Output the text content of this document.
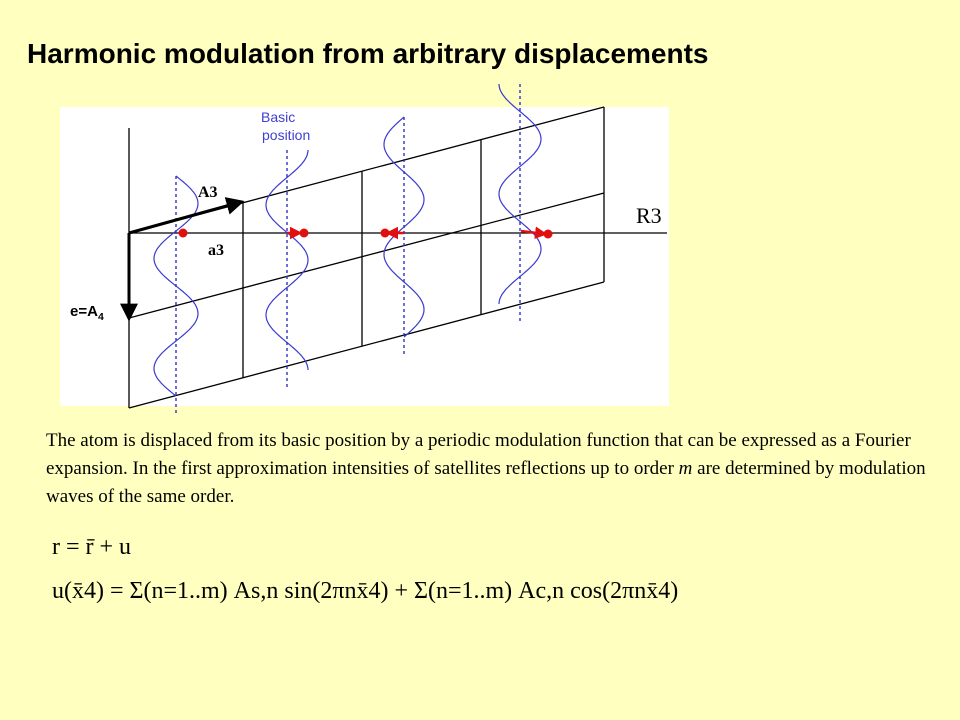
Harmonic modulation from arbitrary displacements
Basic
position
A3
a3
R3
$e=A_4$
The atom is displaced from its basic position by a periodic modulation function that can be expressed as a Fourier expansion. In the first approximation intensities of satellites reflections up to order m are determined by modulation waves of the same order.
r = r̄ + u
u(x̄4) = Σ(n=1..m) As,n sin(2πnx̄4) + Σ(n=1..m) Ac,n cos(2πnx̄4)
